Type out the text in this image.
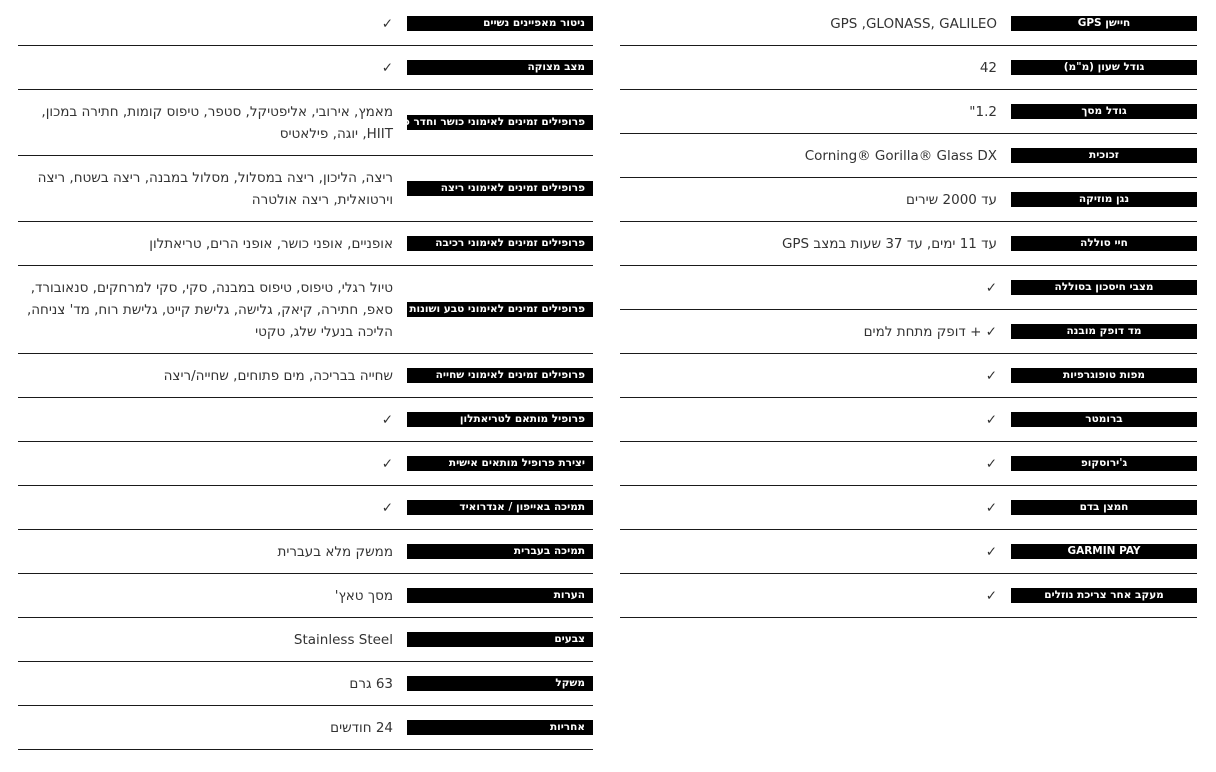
חיישן GPS
GPS ,GLONASS, GALILEO
גודל שעון (מ"מ)
42
גודל מסך
1.2"
זכוכית
Corning® Gorilla® Glass DX
נגן מוזיקה
עד 2000 שירים
חיי סוללה
עד 11 ימים, עד 37 שעות במצב GPS
מצבי חיסכון בסוללה
✓
מד דופק מובנה
✓ + דופק מתחת למים
מפות טופוגרפיות
✓
ברומטר
✓
ג'ירוסקופ
✓
חמצן בדם
✓
GARMIN PAY
✓
מעקב אחר צריכת נוזלים
✓
ניטור מאפיינים נשיים
✓
מצב מצוקה
✓
פרופילים זמינים לאימוני כושר וחדר כושר
מאמץ, אירובי, אליפטיקל, סטפר, טיפוס קומות, חתירה במכון, HIIT, יוגה, פילאטיס
פרופילים זמינים לאימוני ריצה
ריצה, הליכון, ריצה במסלול, מסלול במבנה, ריצה בשטח, ריצה וירטואלית, ריצה אולטרה
פרופילים זמינים לאימוני רכיבה
אופניים, אופני כושר, אופני הרים, טריאתלון
פרופילים זמינים לאימוני טבע ושונות
טיול רגלי, טיפוס, טיפוס במבנה, סקי, סקי למרחקים, סנאובורד, סאפ, חתירה, קיאק, גלישה, גלישת קייט, גלישת רוח, מד' צניחה, הליכה בנעלי שלג, טקטי
פרופילים זמינים לאימוני שחייה
שחייה בבריכה, מים פתוחים, שחייה/ריצה
פרופיל מותאם לטריאתלון
✓
יצירת פרופיל מותאים אישית
✓
תמיכה באייפון / אנדרואיד
✓
תמיכה בעברית
ממשק מלא בעברית
הערות
מסך טאץ'
צבעים
Stainless Steel
משקל
63 גרם
אחריות
24 חודשים
